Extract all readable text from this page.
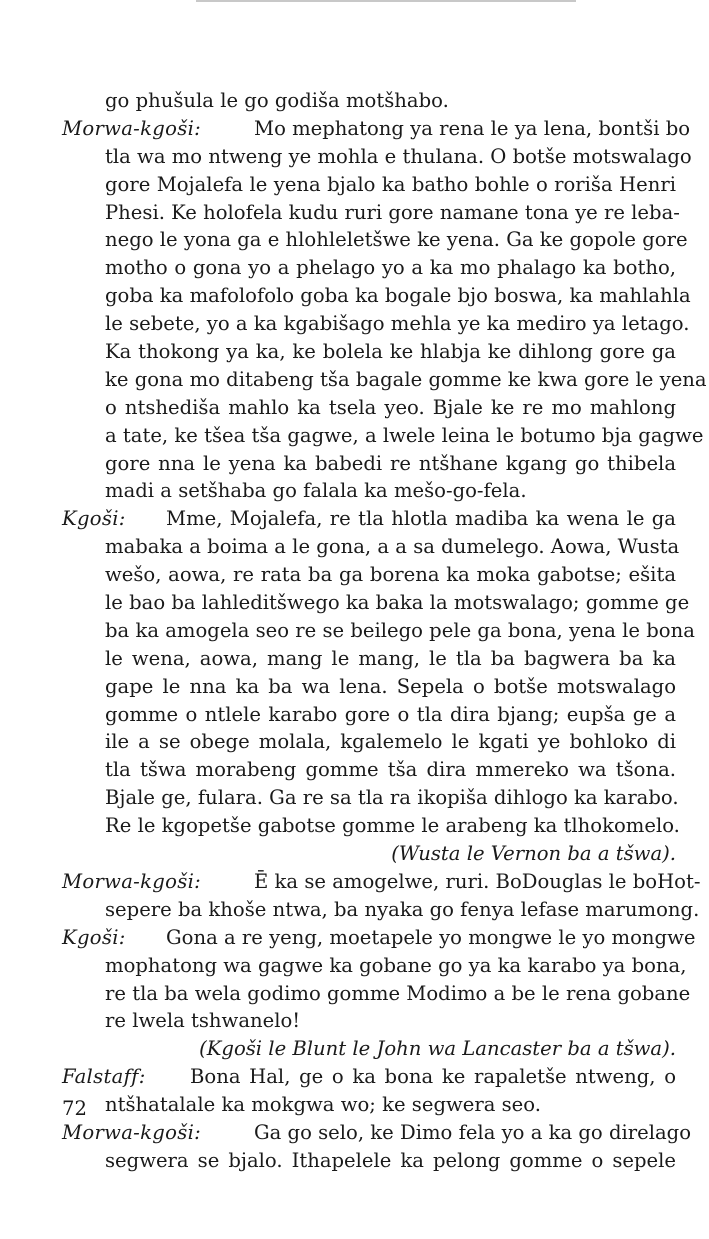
go phušula le go godiša motšhabo.
Morwa-kgoši:	Mo mephatong ya rena le ya lena, bontši bo
tla wa mo ntweng ye mohla e thulana. O botše motswalago
gore Mojalefa le yena bjalo ka batho bohle o roriša Henri
Phesi. Ke holofela kudu ruri gore namane tona ye re leba-
nego le yona ga e hlohleletšwe ke yena. Ga ke gopole gore
motho o gona yo a phelago yo a ka mo phalago ka botho,
goba ka mafolofolo goba ka bogale bjo boswa, ka mahlahla
le sebete, yo a ka kgabišago mehla ye ka mediro ya letago.
Ka thokong ya ka, ke bolela ke hlabja ke dihlong gore ga
ke gona mo ditabeng tša bagale gomme ke kwa gore le yena
o ntshediša mahlo ka tsela yeo. Bjale ke re mo mahlong
a tate, ke tšea tša gagwe, a lwele leina le botumo bja gagwe
gore nna le yena ka babedi re ntšhane kgang go thibela
madi a setšhaba go falala ka mešo-go-fela.
Kgoši:	Mme, Mojalefa, re tla hlotla madiba ka wena le ga
mabaka a boima a le gona, a a sa dumelego. Aowa, Wusta
wešo, aowa, re rata ba ga borena ka moka gabotse; ešita
le bao ba lahleditšwego ka baka la motswalago; gomme ge
ba ka amogela seo re se beilego pele ga bona, yena le bona
le wena, aowa, mang le mang, le tla ba bagwera ba ka
gape le nna ka ba wa lena. Sepela o botše motswalago
gomme o ntlele karabo gore o tla dira bjang; eupša ge a
ile a se obege molala, kgalemelo le kgati ye bohloko di
tla tšwa morabeng gomme tša dira mmereko wa tšona.
Bjale ge, fulara. Ga re sa tla ra ikopiša dihlogo ka karabo.
Re le kgopetše gabotse gomme le arabeng ka tlhokomelo.
(Wusta le Vernon ba a tšwa).
Morwa-kgoši:	Ē ka se amogelwe, ruri. BoDouglas le boHot-
sepere ba khoše ntwa, ba nyaka go fenya lefase marumong.
Kgoši:	Gona a re yeng, moetapele yo mongwe le yo mongwe
mophatong wa gagwe ka gobane go ya ka karabo ya bona,
re tla ba wela godimo gomme Modimo a be le rena gobane
re lwela tshwanelo!
(Kgoši le Blunt le John wa Lancaster ba a tšwa).
Falstaff:	Bona Hal, ge o ka bona ke rapaletše ntweng, o
ntšhatalale ka mokgwa wo; ke segwera seo.
Morwa-kgoši:	Ga go selo, ke Dimo fela yo a ka go direlago
segwera se bjalo. Ithapelele ka pelong gomme o sepele
72
